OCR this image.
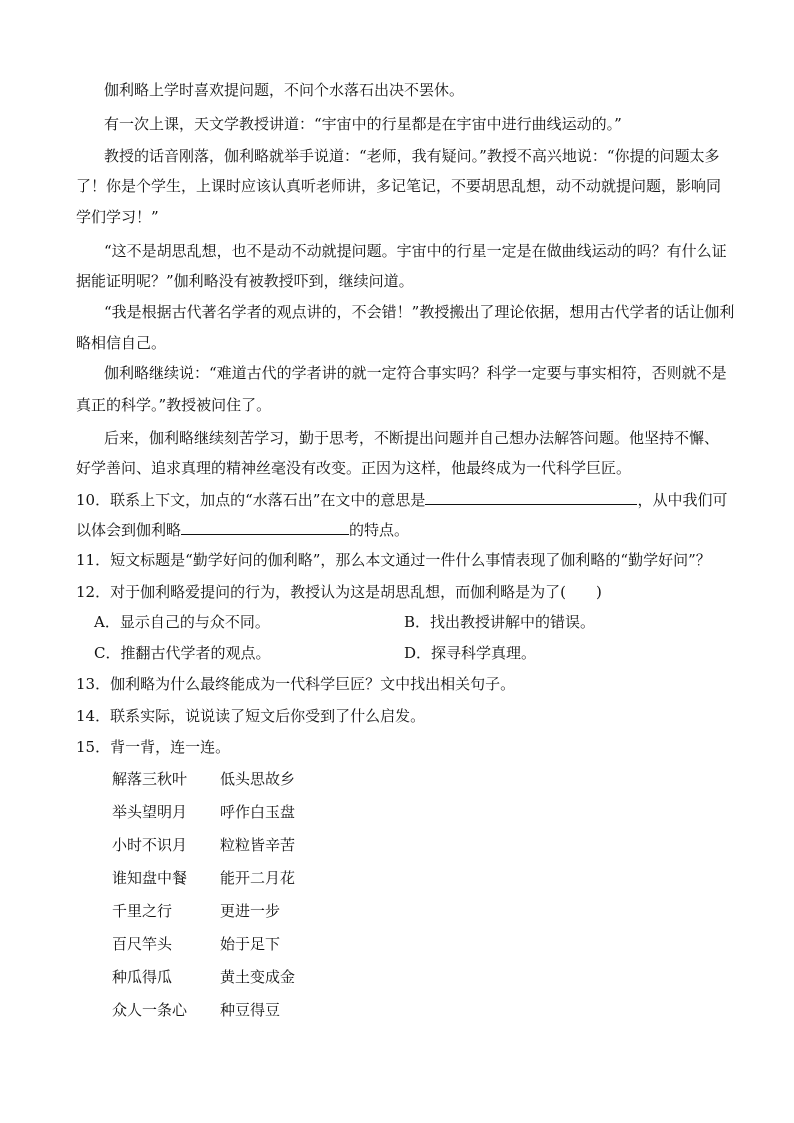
伽利略上学时喜欢提问题，不问个水落石出决不罢休。
有一次上课，天文学教授讲道：“宇宙中的行星都是在宇宙中进行曲线运动的。”
教授的话音刚落，伽利略就举手说道：“老师，我有疑问。”教授不高兴地说：“你提的问题太多
了！你是个学生，上课时应该认真听老师讲，多记笔记，不要胡思乱想，动不动就提问题，影响同
学们学习！”
“这不是胡思乱想，也不是动不动就提问题。宇宙中的行星一定是在做曲线运动的吗？有什么证
据能证明呢？”伽利略没有被教授吓到，继续问道。
“我是根据古代著名学者的观点讲的，不会错！”教授搬出了理论依据，想用古代学者的话让伽利
略相信自己。
伽利略继续说：“难道古代的学者讲的就一定符合事实吗？科学一定要与事实相符，否则就不是
真正的科学。”教授被问住了。
后来，伽利略继续刻苦学习，勤于思考，不断提出问题并自己想办法解答问题。他坚持不懈、
好学善问、追求真理的精神丝毫没有改变。正因为这样，他最终成为一代科学巨匠。
10．联系上下文，加点的“水落石出”在文中的意思是	，从中我们可
以体会到伽利略	的特点。
11．短文标题是“勤学好问的伽利略”，那么本文通过一件什么事情表现了伽利略的“勤学好问”？
12．对于伽利略爱提问的行为，教授认为这是胡思乱想，而伽利略是为了(　　)
A．显示自己的与众不同。	B．找出教授讲解中的错误。
C．推翻古代学者的观点。	D．探寻科学真理。
13．伽利略为什么最终能成为一代科学巨匠？文中找出相关句子。
14．联系实际，说说读了短文后你受到了什么启发。
15．背一背，连一连。
解落三秋叶 低头思故乡
举头望明月 呼作白玉盘
小时不识月 粒粒皆辛苦
谁知盘中餐 能开二月花
千里之行	更进一步
百尺竿头	始于足下
种瓜得瓜	黄土变成金
众人一条心 种豆得豆
